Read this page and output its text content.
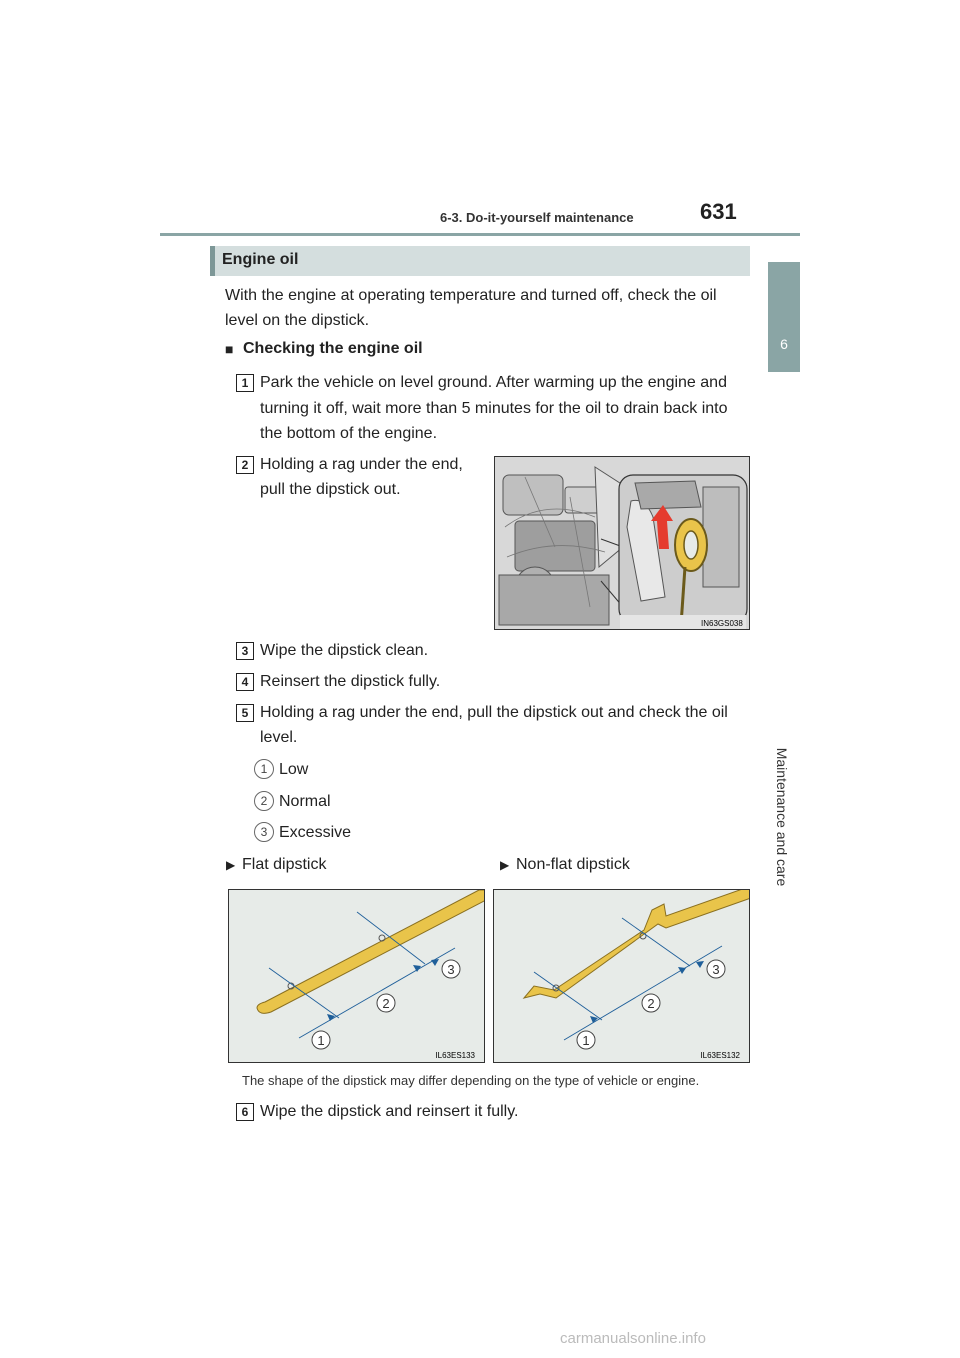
6-3. Do-it-yourself maintenance	631
6
Maintenance and care
Engine oil
With the engine at operating temperature and turned off, check the oil
level on the dipstick.
■ Checking the engine oil
1 Park the vehicle on level ground. After warming up the engine and
turning it off, wait more than 5 minutes for the oil to drain back into
the bottom of the engine.
2 Holding a rag under the end,
pull the dipstick out.
IN63GS038
3 Wipe the dipstick clean.
4 Reinsert the dipstick fully.
5 Holding a rag under the end, pull the dipstick out and check the oil
level.
1 Low
2 Normal
3 Excessive
▶ Flat dipstick	▶ Non-flat dipstick
1
2
3
IL63ES133
1
2
3
IL63ES132
The shape of the dipstick may differ depending on the type of vehicle or engine.
6 Wipe the dipstick and reinsert it fully.
carmanualsonline.info
